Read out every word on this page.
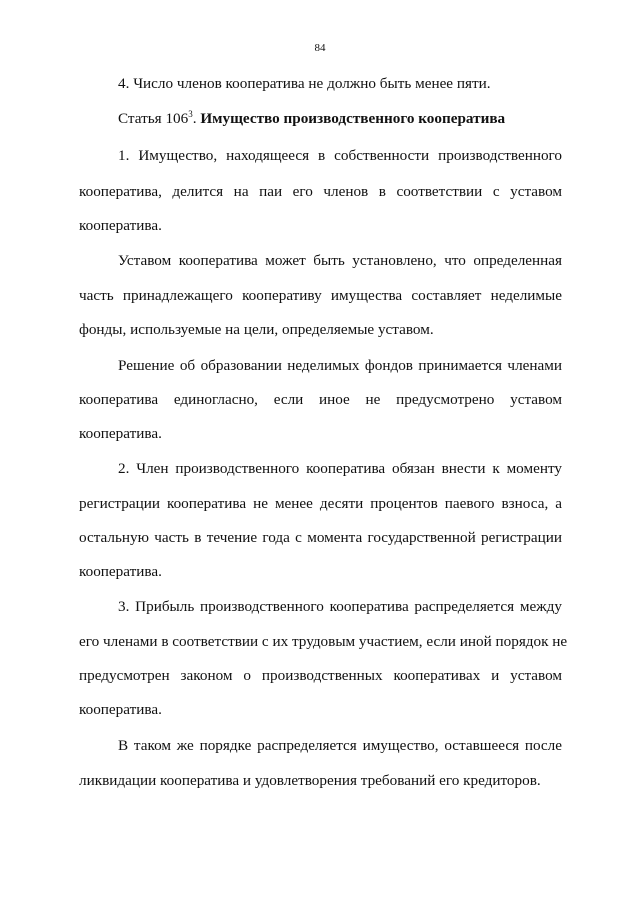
84
4. Число членов кооператива не должно быть менее пяти.
Статья $106^3$. Имущество производственного кооператива
1. Имущество, находящееся в собственности производственного
кооператива, делится на паи его членов в соответствии с уставом
кооператива.
Уставом кооператива может быть установлено, что определенная
часть принадлежащего кооперативу имущества составляет неделимые
фонды, используемые на цели, определяемые уставом.
Решение об образовании неделимых фондов принимается членами
кооператива единогласно, если иное не предусмотрено уставом
кооператива.
2. Член производственного кооператива обязан внести к моменту
регистрации кооператива не менее десяти процентов паевого взноса, а
остальную часть в течение года с момента государственной регистрации
кооператива.
3. Прибыль производственного кооператива распределяется между
его членами в соответствии с их трудовым участием, если иной порядок не
предусмотрен законом о производственных кооперативах и уставом
кооператива.
В таком же порядке распределяется имущество, оставшееся после
ликвидации кооператива и удовлетворения требований его кредиторов.
